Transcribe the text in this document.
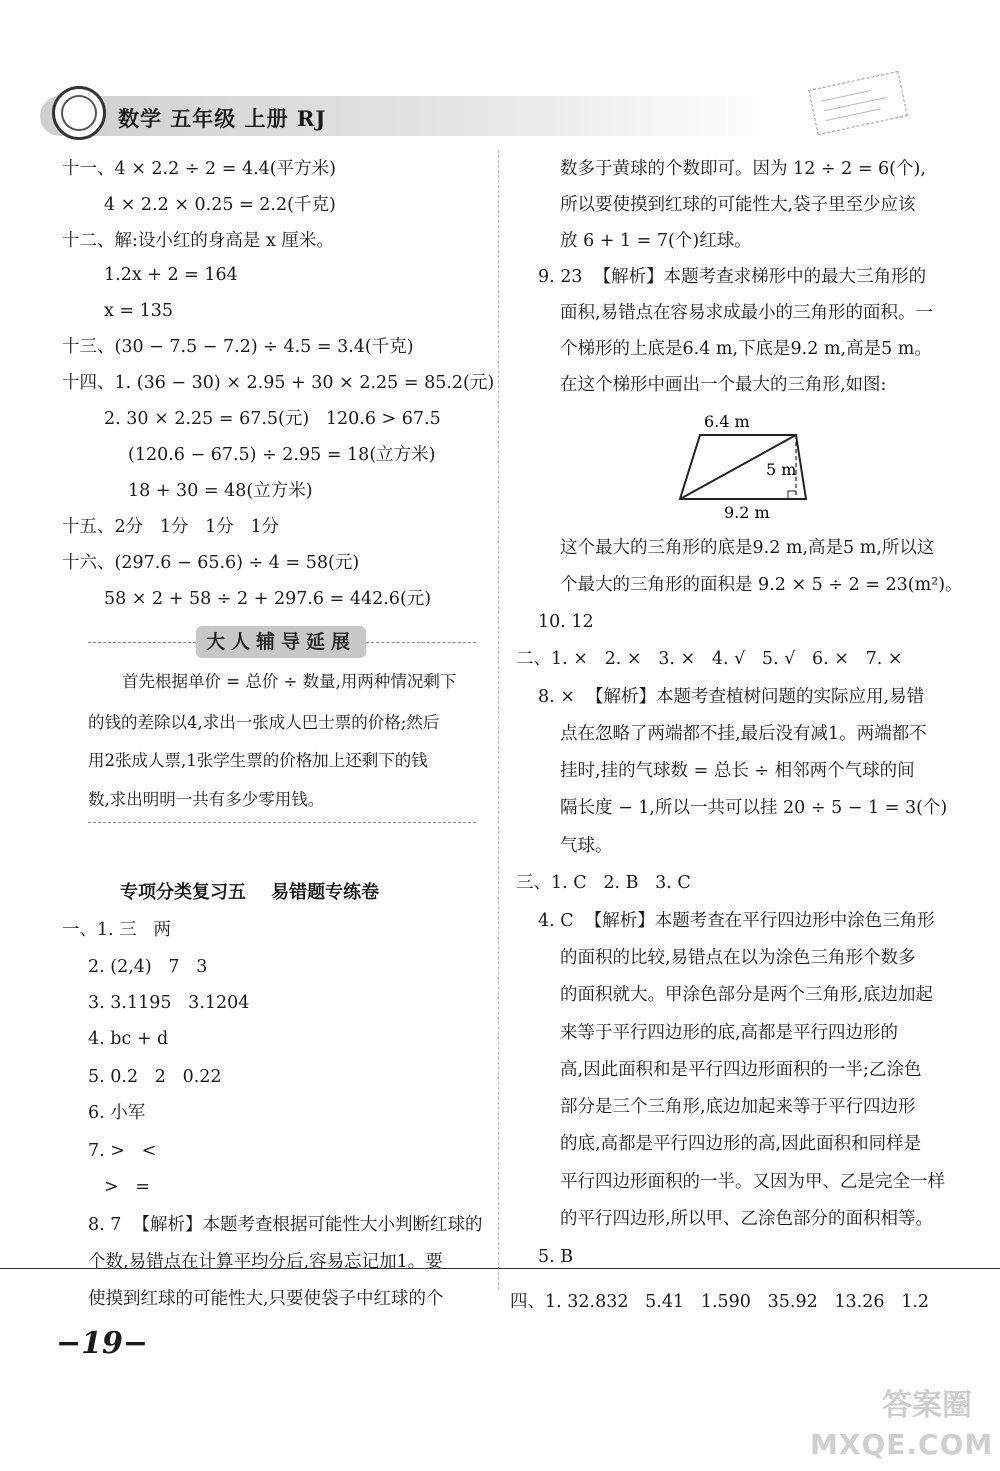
数学 五年级 上册 RJ
十一、4 × 2.2 ÷ 2 = 4.4(平方米)
4 × 2.2 × 0.25 = 2.2(千克)
十二、解:设小红的身高是 x 厘米。
1.2x + 2 = 164
x = 135
十三、(30 − 7.5 − 7.2) ÷ 4.5 = 3.4(千克)
十四、1. (36 − 30) × 2.95 + 30 × 2.25 = 85.2(元)
2. 30 × 2.25 = 67.5(元)   120.6 > 67.5
(120.6 − 67.5) ÷ 2.95 = 18(立方米)
18 + 30 = 48(立方米)
十五、2分   1分   1分   1分
十六、(297.6 − 65.6) ÷ 4 = 58(元)
58 × 2 + 58 ÷ 2 + 297.6 = 442.6(元)
大人辅导延展
首先根据单价 = 总价 ÷ 数量,用两种情况剩下
的钱的差除以4,求出一张成人巴士票的价格;然后
用2张成人票,1张学生票的价格加上还剩下的钱
数,求出明明一共有多少零用钱。
专项分类复习五    易错题专练卷
一、1. 三   两
2. (2,4)   7   3
3. 3.1195   3.1204
4. bc + d
5. 0.2   2   0.22
6. 小军
7. >   <
>   =
8. 7  【解析】本题考查根据可能性大小判断红球的
个数,易错点在计算平均分后,容易忘记加1。要
使摸到红球的可能性大,只要使袋子中红球的个
数多于黄球的个数即可。因为 12 ÷ 2 = 6(个),
所以要使摸到红球的可能性大,袋子里至少应该
放 6 + 1 = 7(个)红球。
9. 23  【解析】本题考查求梯形中的最大三角形的
面积,易错点在容易求成最小的三角形的面积。一
个梯形的上底是6.4 m,下底是9.2 m,高是5 m。
在这个梯形中画出一个最大的三角形,如图:
6.4 m
5 m
9.2 m
这个最大的三角形的底是9.2 m,高是5 m,所以这
个最大的三角形的面积是 9.2 × 5 ÷ 2 = 23(m²)。
10. 12
二、1. ×   2. ×   3. ×   4. √   5. √   6. ×   7. ×
8. ×  【解析】本题考查植树问题的实际应用,易错
点在忽略了两端都不挂,最后没有减1。两端都不
挂时,挂的气球数 = 总长 ÷ 相邻两个气球的间
隔长度 − 1,所以一共可以挂 20 ÷ 5 − 1 = 3(个)
气球。
三、1. C   2. B   3. C
4. C  【解析】本题考查在平行四边形中涂色三角形
的面积的比较,易错点在以为涂色三角形个数多
的面积就大。甲涂色部分是两个三角形,底边加起
来等于平行四边形的底,高都是平行四边形的
高,因此面积和是平行四边形面积的一半;乙涂色
部分是三个三角形,底边加起来等于平行四边形
的底,高都是平行四边形的高,因此面积和同样是
平行四边形面积的一半。又因为甲、乙是完全一样
的平行四边形,所以甲、乙涂色部分的面积相等。
5. B
四、1. 32.832   5.41   1.590   35.92   13.26   1.2
−19−
答案圈
MXQE.COM
